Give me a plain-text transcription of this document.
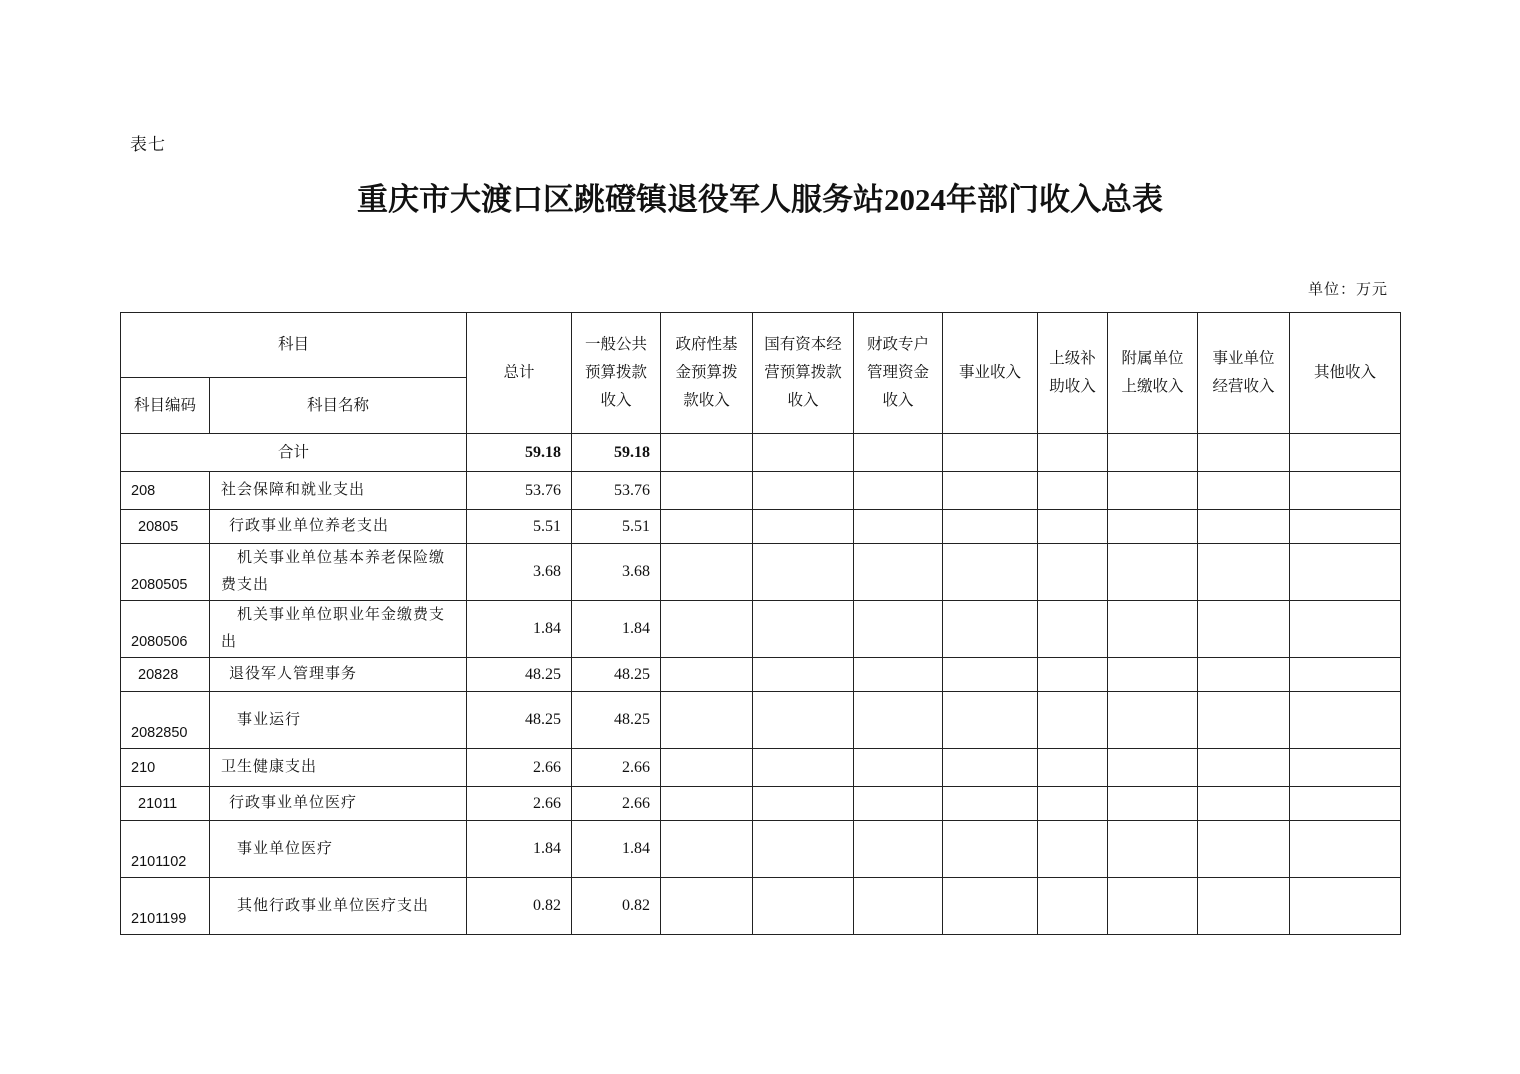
表七
重庆市大渡口区跳磴镇退役军人服务站2024年部门收入总表
单位：万元
科目		总计	一般公共预算拨款收入	政府性基金预算拨款收入	国有资本经营预算拨款收入	财政专户管理资金收入	事业收入	上级补助收入	附属单位上缴收入	事业单位经营收入	其他收入
科目编码	科目名称										
合计		59.18	59.18								
208	社会保障和就业支出	53.76	53.76								
20805	行政事业单位养老支出	5.51	5.51								
2080505	机关事业单位基本养老保险缴费支出	3.68	3.68								
2080506	机关事业单位职业年金缴费支出	1.84	1.84								
20828	退役军人管理事务	48.25	48.25								
2082850	事业运行	48.25	48.25								
210	卫生健康支出	2.66	2.66								
21011	行政事业单位医疗	2.66	2.66								
2101102	事业单位医疗	1.84	1.84								
2101199	其他行政事业单位医疗支出	0.82	0.82								
